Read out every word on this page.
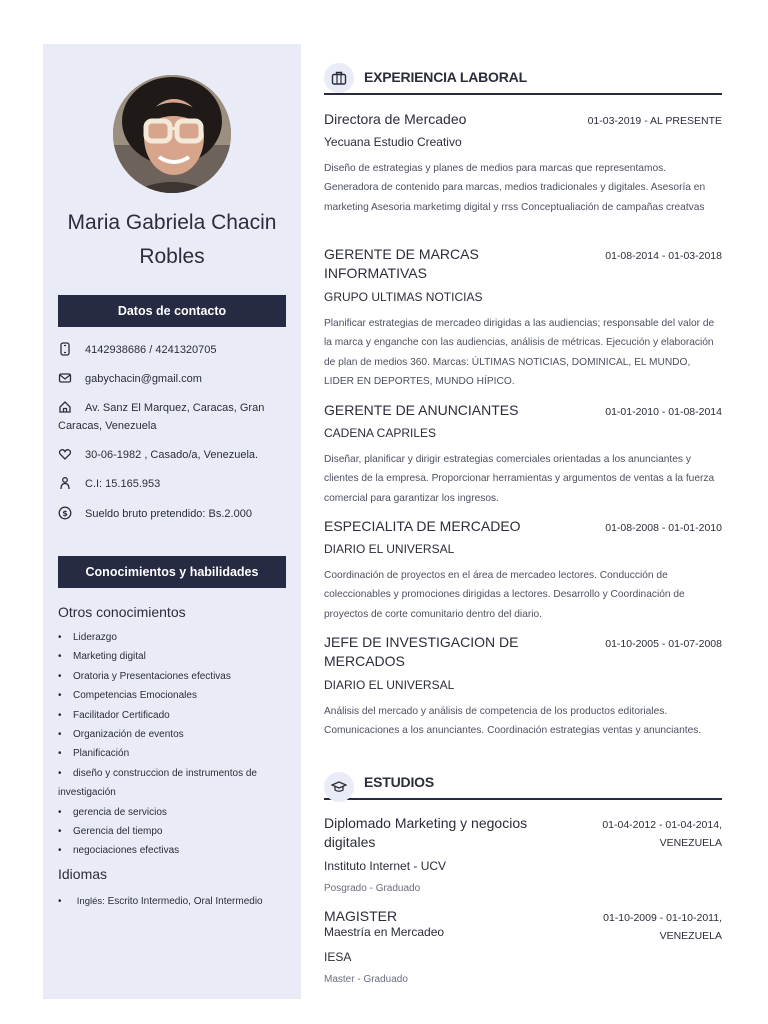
Maria Gabriela Chacin Robles
Datos de contacto
4142938686 / 4241320705
gabychacin@gmail.com
Av. Sanz El Marquez, Caracas, Gran Caracas, Venezuela
30-06-1982 , Casado/a, Venezuela.
C.I: 15.165.953
$ Sueldo bruto pretendido: Bs.2.000
Conocimientos y habilidades
Otros conocimientos
• Liderazgo
• Marketing digital
• Oratoria y Presentaciones efectivas
• Competencias Emocionales
• Facilitador Certificado
• Organización de eventos
• Planificación
• diseño y construccion de instrumentos de investigación
• gerencia de servicios
• Gerencia del tiempo
• negociaciones efectivas
Idiomas
• Inglés: Escrito Intermedio, Oral Intermedio
EXPERIENCIA LABORAL
Directora de Mercadeo	01-03-2019 - AL PRESENTE
Yecuana Estudio Creativo
Diseño de estrategias y planes de medios para marcas que representamos. Generadora de contenido para marcas, medios tradicionales y digitales. Asesoría en marketing Asesoria marketimg digital y rrss Conceptualiación de campañas creatvas
GERENTE DE MARCAS INFORMATIVAS
01-08-2014 - 01-03-2018
GRUPO ULTIMAS NOTICIAS
Planificar estrategias de mercadeo dirigidas a las audiencias; responsable del valor de la marca y enganche con las audiencias, análisis de métricas. Ejecución y elaboración de plan de medios 360. Marcas: ÚLTIMAS NOTICIAS, DOMINICAL, EL MUNDO, LIDER EN DEPORTES, MUNDO HÍPICO.
GERENTE DE ANUNCIANTES	01-01-2010 - 01-08-2014
CADENA CAPRILES
Diseñar, planificar y dirigir estrategias comerciales orientadas a los anunciantes y clientes de la empresa. Proporcionar herramientas y argumentos de ventas a la fuerza comercial para garantizar los ingresos.
ESPECIALITA DE MERCADEO	01-08-2008 - 01-01-2010
DIARIO EL UNIVERSAL
Coordinación de proyectos en el área de mercadeo lectores. Conducción de coleccionables y promociones dirigidas a lectores. Desarrollo y Coordinación de proyectos de corte comunitario dentro del diario.
JEFE DE INVESTIGACION DE MERCADOS
01-10-2005 - 01-07-2008
DIARIO EL UNIVERSAL
Análisis del mercado y análisis de competencia de los productos editoriales. Comunicaciones a los anunciantes. Coordinación estrategias ventas y anunciantes.
ESTUDIOS
Diplomado Marketing y negocios digitales
01-04-2012 - 01-04-2014, VENEZUELA
Instituto Internet - UCV
Posgrado - Graduado
MAGISTER
Maestría en Mercadeo
01-10-2009 - 01-10-2011, VENEZUELA
IESA
Master - Graduado
